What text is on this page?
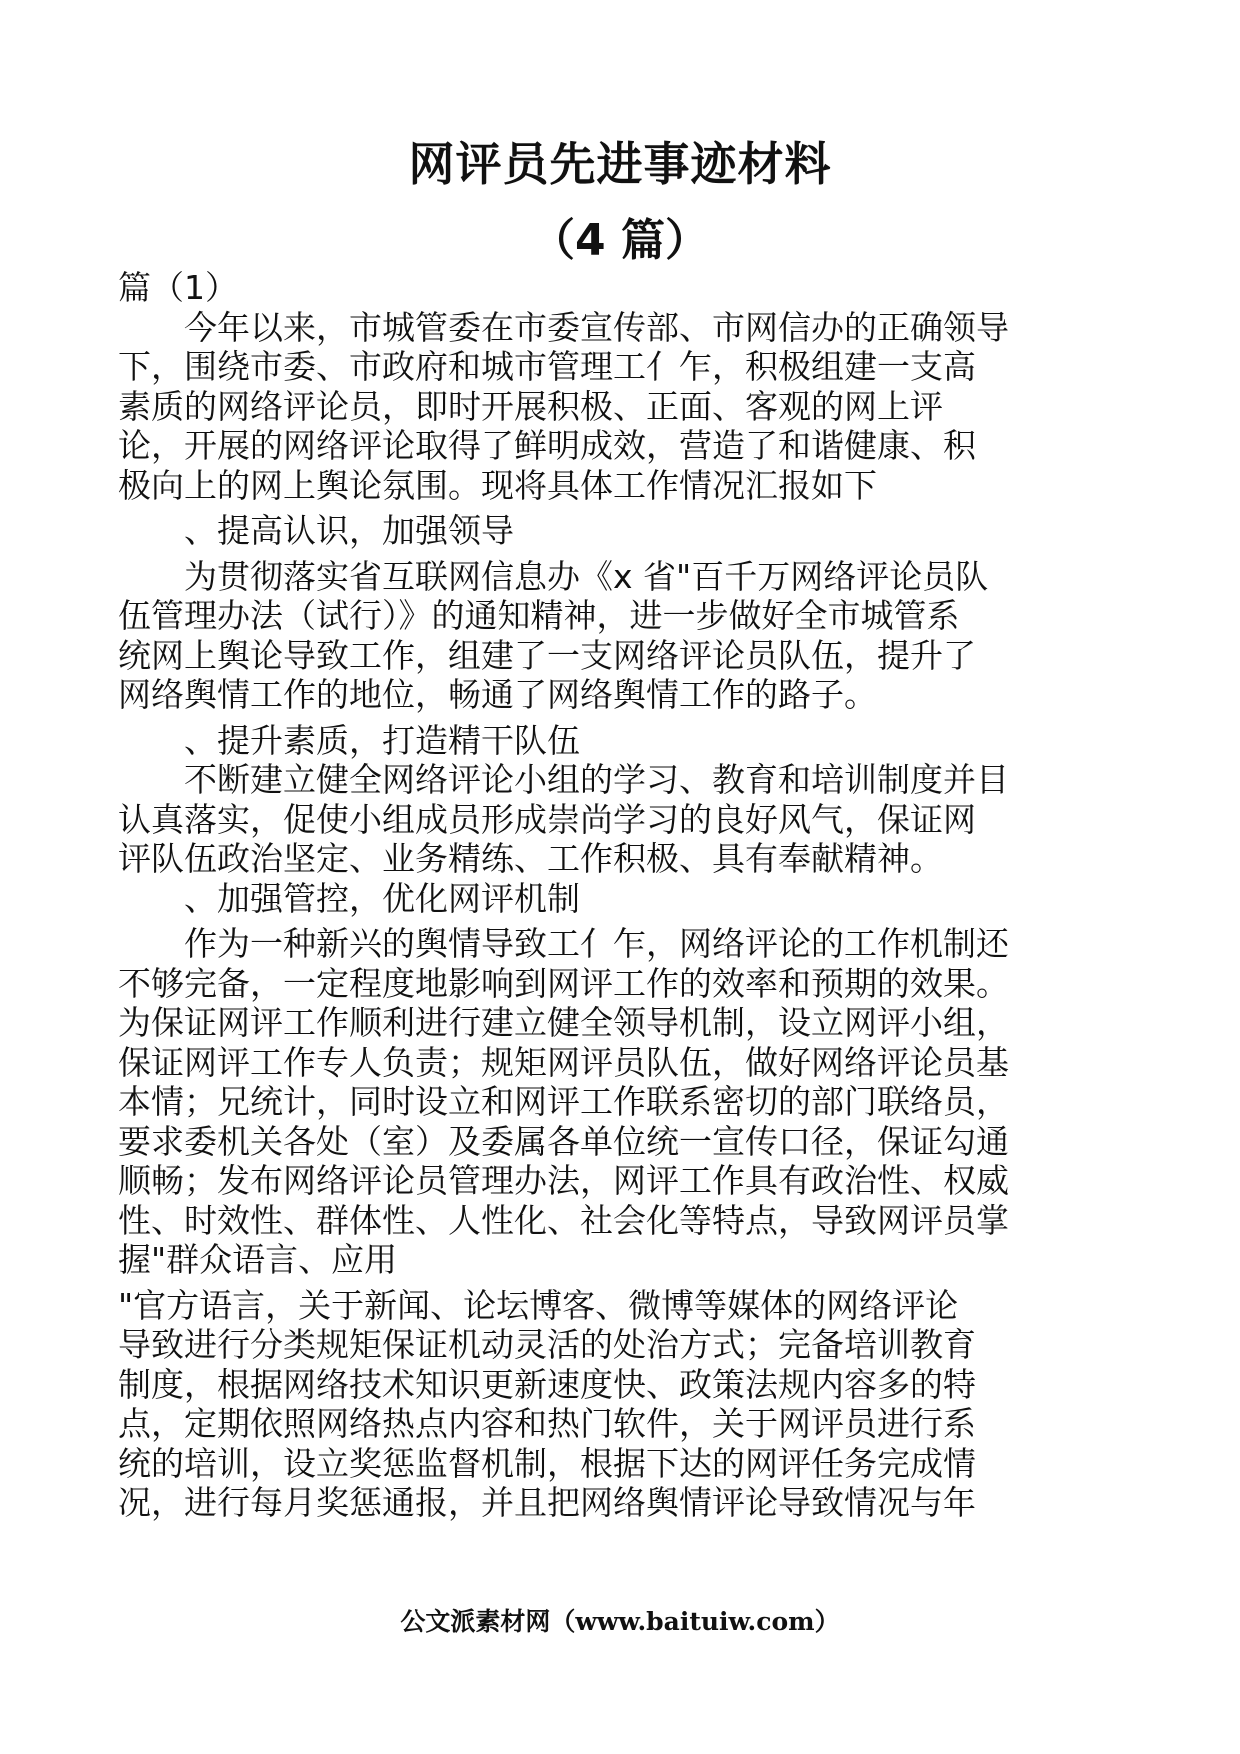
网评员先进事迹材料
（4 篇）
篇（1）
今年以来，市城管委在市委宣传部、市网信办的正确领导
下，围绕市委、市政府和城市管理工亻乍，积极组建一支高
素质的网络评论员，即时开展积极、正面、客观的网上评
论，开展的网络评论取得了鲜明成效，营造了和谐健康、积
极向上的网上舆论氛围。现将具体工作情况汇报如下
、提高认识，加强领导
为贯彻落实省互联网信息办《x 省"百千万网络评论员队
伍管理办法（试行）》的通知精神，进一步做好全市城管系
统网上舆论导致工作，组建了一支网络评论员队伍，提升了
网络舆情工作的地位，畅通了网络舆情工作的路子。
、提升素质，打造精干队伍
不断建立健全网络评论小组的学习、教育和培训制度并目
认真落实，促使小组成员形成崇尚学习的良好风气，保证网
评队伍政治坚定、业务精练、工作积极、具有奉献精神。
、加强管控，优化网评机制
作为一种新兴的舆情导致工亻乍，网络评论的工作机制还
不够完备，一定程度地影响到网评工作的效率和预期的效果。
为保证网评工作顺利进行建立健全领导机制，设立网评小组，
保证网评工作专人负责；规矩网评员队伍，做好网络评论员基
本情；兄统计，同时设立和网评工作联系密切的部门联络员，
要求委机关各处（室）及委属各单位统一宣传口径，保证勾通
顺畅；发布网络评论员管理办法，网评工作具有政治性、权威
性、时效性、群体性、人性化、社会化等特点，导致网评员掌
握"群众语言、应用
"官方语言，关于新闻、论坛博客、微博等媒体的网络评论
导致进行分类规矩保证机动灵活的处治方式；完备培训教育
制度，根据网络技术知识更新速度快、政策法规内容多的特
点，定期依照网络热点内容和热门软件，关于网评员进行系
统的培训，设立奖惩监督机制，根据下达的网评任务完成情
况，进行每月奖惩通报，并且把网络舆情评论导致情况与年
公文派素材网（www.baituiw.com）
